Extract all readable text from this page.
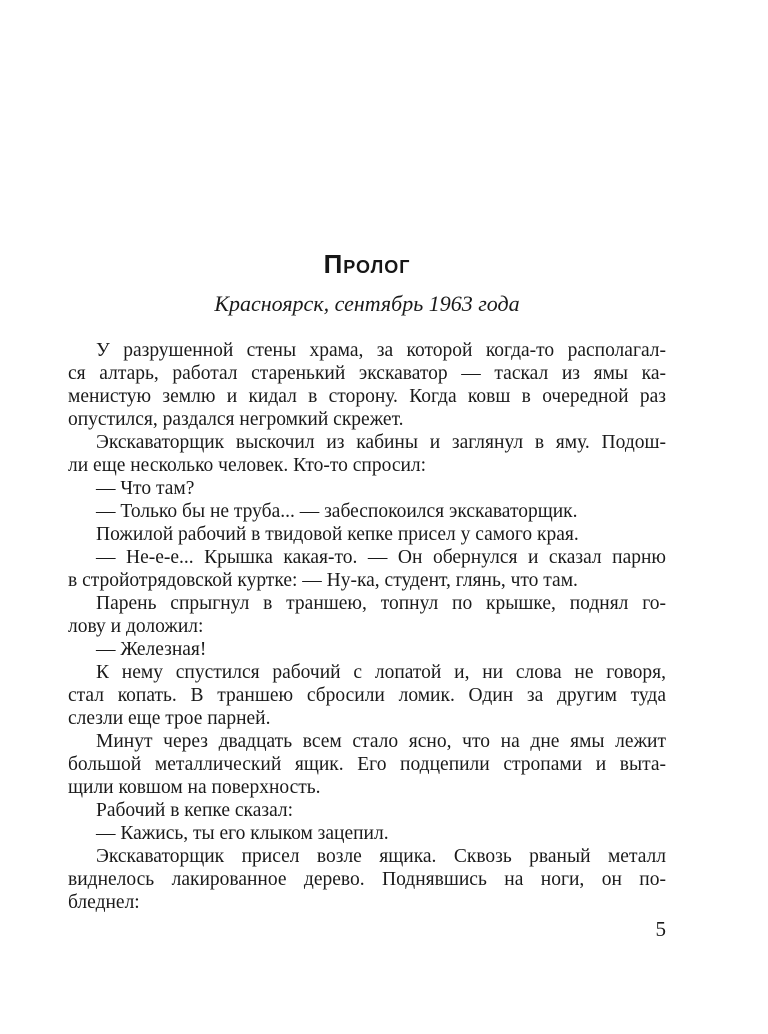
Пролог
Красноярск, сентябрь 1963 года
У разрушенной стены храма, за которой когда-то располагал-
ся алтарь, работал старенький экскаватор — таскал из ямы ка-
менистую землю и кидал в сторону. Когда ковш в очередной раз
опустился, раздался негромкий скрежет.
Экскаваторщик выскочил из кабины и заглянул в яму. Подош-
ли еще несколько человек. Кто-то спросил:
— Что там?
— Только бы не труба... — забеспокоился экскаваторщик.
Пожилой рабочий в твидовой кепке присел у самого края.
— Не-е-е... Крышка какая-то. — Он обернулся и сказал парню
в стройотрядовской куртке: — Ну-ка, студент, глянь, что там.
Парень спрыгнул в траншею, топнул по крышке, поднял го-
лову и доложил:
— Железная!
К нему спустился рабочий с лопатой и, ни слова не говоря,
стал копать. В траншею сбросили ломик. Один за другим туда
слезли еще трое парней.
Минут через двадцать всем стало ясно, что на дне ямы лежит
большой металлический ящик. Его подцепили стропами и выта-
щили ковшом на поверхность.
Рабочий в кепке сказал:
— Кажись, ты его клыком зацепил.
Экскаваторщик присел возле ящика. Сквозь рваный металл
виднелось лакированное дерево. Поднявшись на ноги, он по-
бледнел:
5
